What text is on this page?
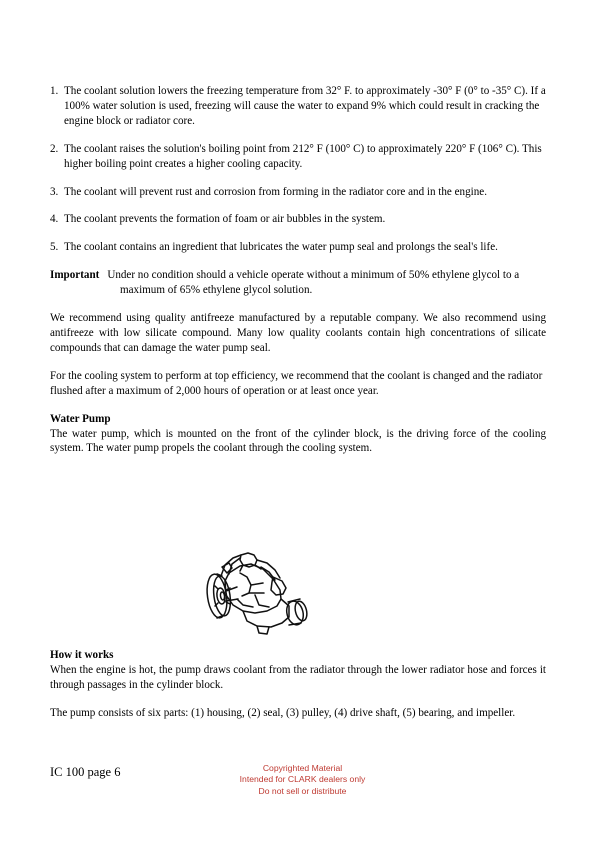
1. The coolant solution lowers the freezing temperature from 32° F. to approximately -30° F (0° to -35° C). If a 100% water solution is used, freezing will cause the water to expand 9% which could result in cracking the engine block or radiator core.
2. The coolant raises the solution's boiling point from 212° F (100° C) to approximately 220° F (106° C). This higher boiling point creates a higher cooling capacity.
3. The coolant will prevent rust and corrosion from forming in the radiator core and in the engine.
4. The coolant prevents the formation of foam or air bubbles in the system.
5. The coolant contains an ingredient that lubricates the water pump seal and prolongs the seal's life.
Important Under no condition should a vehicle operate without a minimum of 50% ethylene glycol to a maximum of 65% ethylene glycol solution.
We recommend using quality antifreeze manufactured by a reputable company. We also recommend using antifreeze with low silicate compound. Many low quality coolants contain high concentrations of silicate compounds that can damage the water pump seal.
For the cooling system to perform at top efficiency, we recommend that the coolant is changed and the radiator flushed after a maximum of 2,000 hours of operation or at least once year.
Water Pump
The water pump, which is mounted on the front of the cylinder block, is the driving force of the cooling system. The water pump propels the coolant through the cooling system.
How it works
When the engine is hot, the pump draws coolant from the radiator through the lower radiator hose and forces it through passages in the cylinder block.
The pump consists of six parts: (1) housing, (2) seal, (3) pulley, (4) drive shaft, (5) bearing, and impeller.
IC 100 page 6	Copyrighted Material
Intended for CLARK dealers only
Do not sell or distribute
